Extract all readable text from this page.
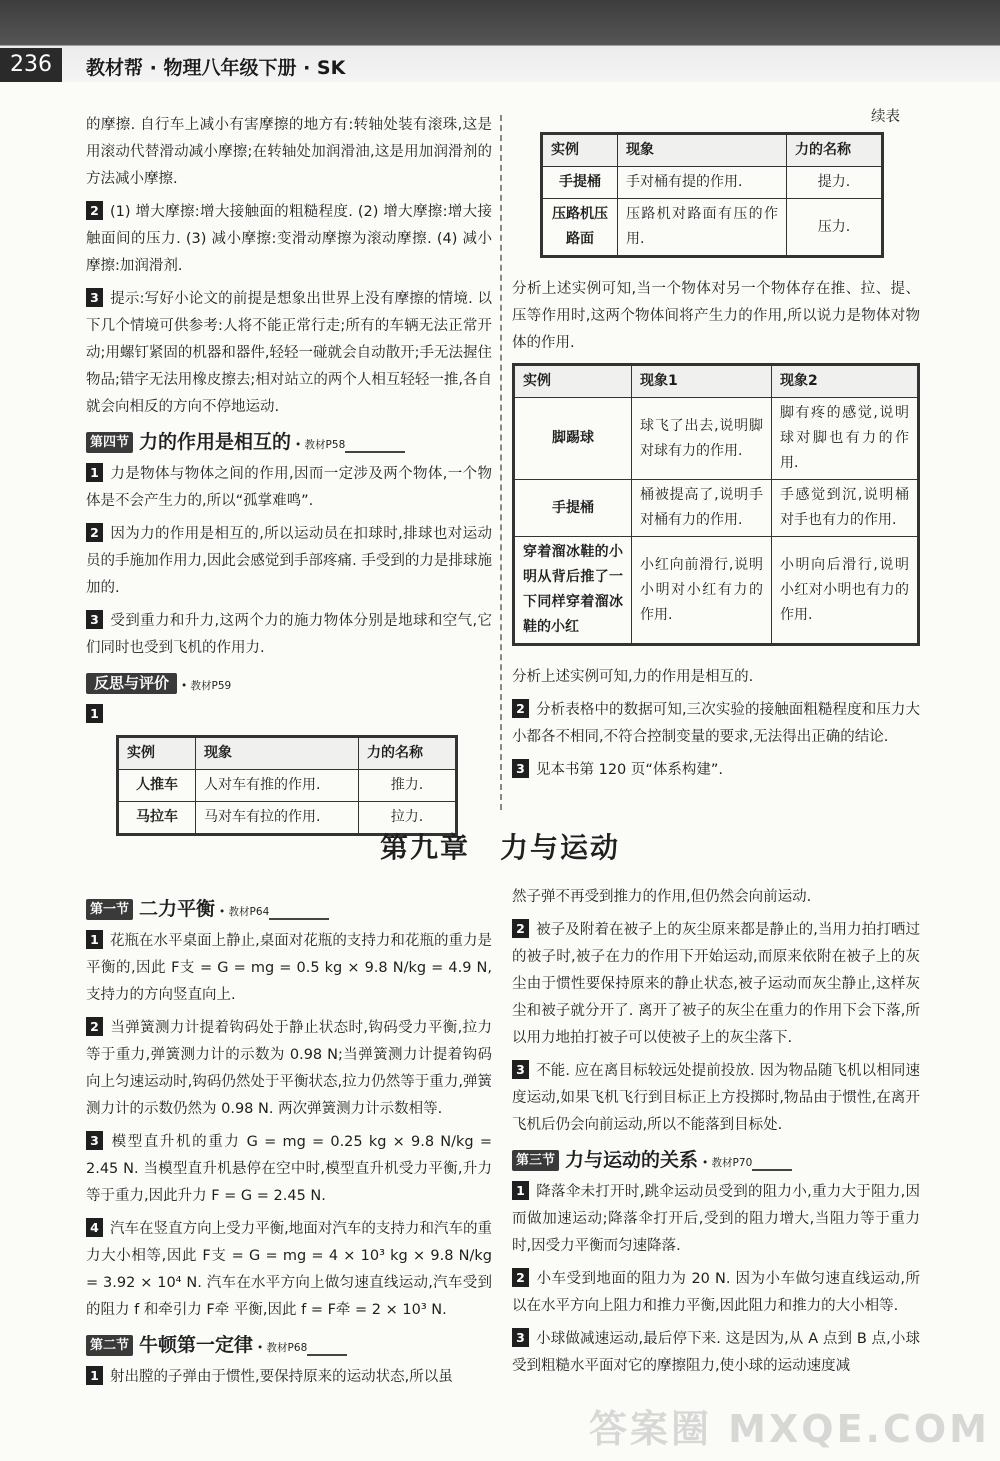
236	教材帮 · 物理八年级下册 · SK

的摩擦. 自行车上减小有害摩擦的地方有:转轴处装有滚珠,这是用滚动代替滑动减小摩擦;在转轴处加润滑油,这是用加润滑剂的方法减小摩擦.

2 (1) 增大摩擦:增大接触面的粗糙程度. (2) 增大摩擦:增大接触面间的压力. (3) 减小摩擦:变滑动摩擦为滚动摩擦. (4) 减小摩擦:加润滑剂.

3 提示:写好小论文的前提是想象出世界上没有摩擦的情境. 以下几个情境可供参考:人将不能正常行走;所有的车辆无法正常开动;用螺钉紧固的机器和器件,轻轻一碰就会自动散开;手无法握住物品;错字无法用橡皮擦去;相对站立的两个人相互轻轻一推,各自就会向相反的方向不停地运动.

第四节 力的作用是相互的 • 教材P58

1 力是物体与物体之间的作用,因而一定涉及两个物体,一个物体是不会产生力的,所以“孤掌难鸣”.

2 因为力的作用是相互的,所以运动员在扣球时,排球也对运动员的手施加作用力,因此会感觉到手部疼痛. 手受到的力是排球施加的.

3 受到重力和升力,这两个力的施力物体分别是地球和空气,它们同时也受到飞机的作用力.

反思与评价	• 教材P59

1

实例	现象	力的名称
人推车	人对车有推的作用.	推力.
马拉车	马对车有拉的作用.	拉力.

续表

实例	现象	力的名称
手提桶	手对桶有提的作用.	提力.
压路机压路面	压路机对路面有压的作用.	压力.

分析上述实例可知,当一个物体对另一个物体存在推、拉、提、压等作用时,这两个物体间将产生力的作用,所以说力是物体对物体的作用.

实例	现象1	现象2
脚踢球	球飞了出去,说明脚对球有力的作用.	脚有疼的感觉,说明球对脚也有力的作用.
手提桶	桶被提高了,说明手对桶有力的作用.	手感觉到沉,说明桶对手也有力的作用.
穿着溜冰鞋的小明从背后推了一下同样穿着溜冰鞋的小红	小红向前滑行,说明小明对小红有力的作用.	小明向后滑行,说明小红对小明也有力的作用.

分析上述实例可知,力的作用是相互的.

2 分析表格中的数据可知,三次实验的接触面粗糙程度和压力大小都各不相同,不符合控制变量的要求,无法得出正确的结论.

3 见本书第 120 页“体系构建”.

第九章　力与运动
第一节 二力平衡 • 教材P64

1 花瓶在水平桌面上静止,桌面对花瓶的支持力和花瓶的重力是平衡的,因此 F支 = G = mg = 0.5 kg × 9.8 N/kg = 4.9 N,支持力的方向竖直向上.

2 当弹簧测力计提着钩码处于静止状态时,钩码受力平衡,拉力等于重力,弹簧测力计的示数为 0.98 N;当弹簧测力计提着钩码向上匀速运动时,钩码仍然处于平衡状态,拉力仍然等于重力,弹簧测力计的示数仍然为 0.98 N. 两次弹簧测力计示数相等.

3 模型直升机的重力 G = mg = 0.25 kg × 9.8 N/kg = 2.45 N. 当模型直升机悬停在空中时,模型直升机受力平衡,升力等于重力,因此升力 F = G = 2.45 N.

4 汽车在竖直方向上受力平衡,地面对汽车的支持力和汽车的重力大小相等,因此 F支 = G = mg = 4 × 10³ kg × 9.8 N/kg = 3.92 × 10⁴ N. 汽车在水平方向上做匀速直线运动,汽车受到的阻力 f 和牵引力 F牵 平衡,因此 f = F牵 = 2 × 10³ N.

第二节 牛顿第一定律 • 教材P68

1 射出膛的子弹由于惯性,要保持原来的运动状态,所以虽

然子弹不再受到推力的作用,但仍然会向前运动.

2 被子及附着在被子上的灰尘原来都是静止的,当用力拍打晒过的被子时,被子在力的作用下开始运动,而原来依附在被子上的灰尘由于惯性要保持原来的静止状态,被子运动而灰尘静止,这样灰尘和被子就分开了. 离开了被子的灰尘在重力的作用下会下落,所以用力地拍打被子可以使被子上的灰尘落下.

3 不能. 应在离目标较远处提前投放. 因为物品随飞机以相同速度运动,如果飞机飞行到目标正上方投掷时,物品由于惯性,在离开飞机后仍会向前运动,所以不能落到目标处.

第三节 力与运动的关系 • 教材P70

1 降落伞未打开时,跳伞运动员受到的阻力小,重力大于阻力,因而做加速运动;降落伞打开后,受到的阻力增大,当阻力等于重力时,因受力平衡而匀速降落.

2 小车受到地面的阻力为 20 N. 因为小车做匀速直线运动,所以在水平方向上阻力和推力平衡,因此阻力和推力的大小相等.

3 小球做减速运动,最后停下来. 这是因为,从 A 点到 B 点,小球受到粗糙水平面对它的摩擦阻力,使小球的运动速度减

答案圈 MXQE.COM
